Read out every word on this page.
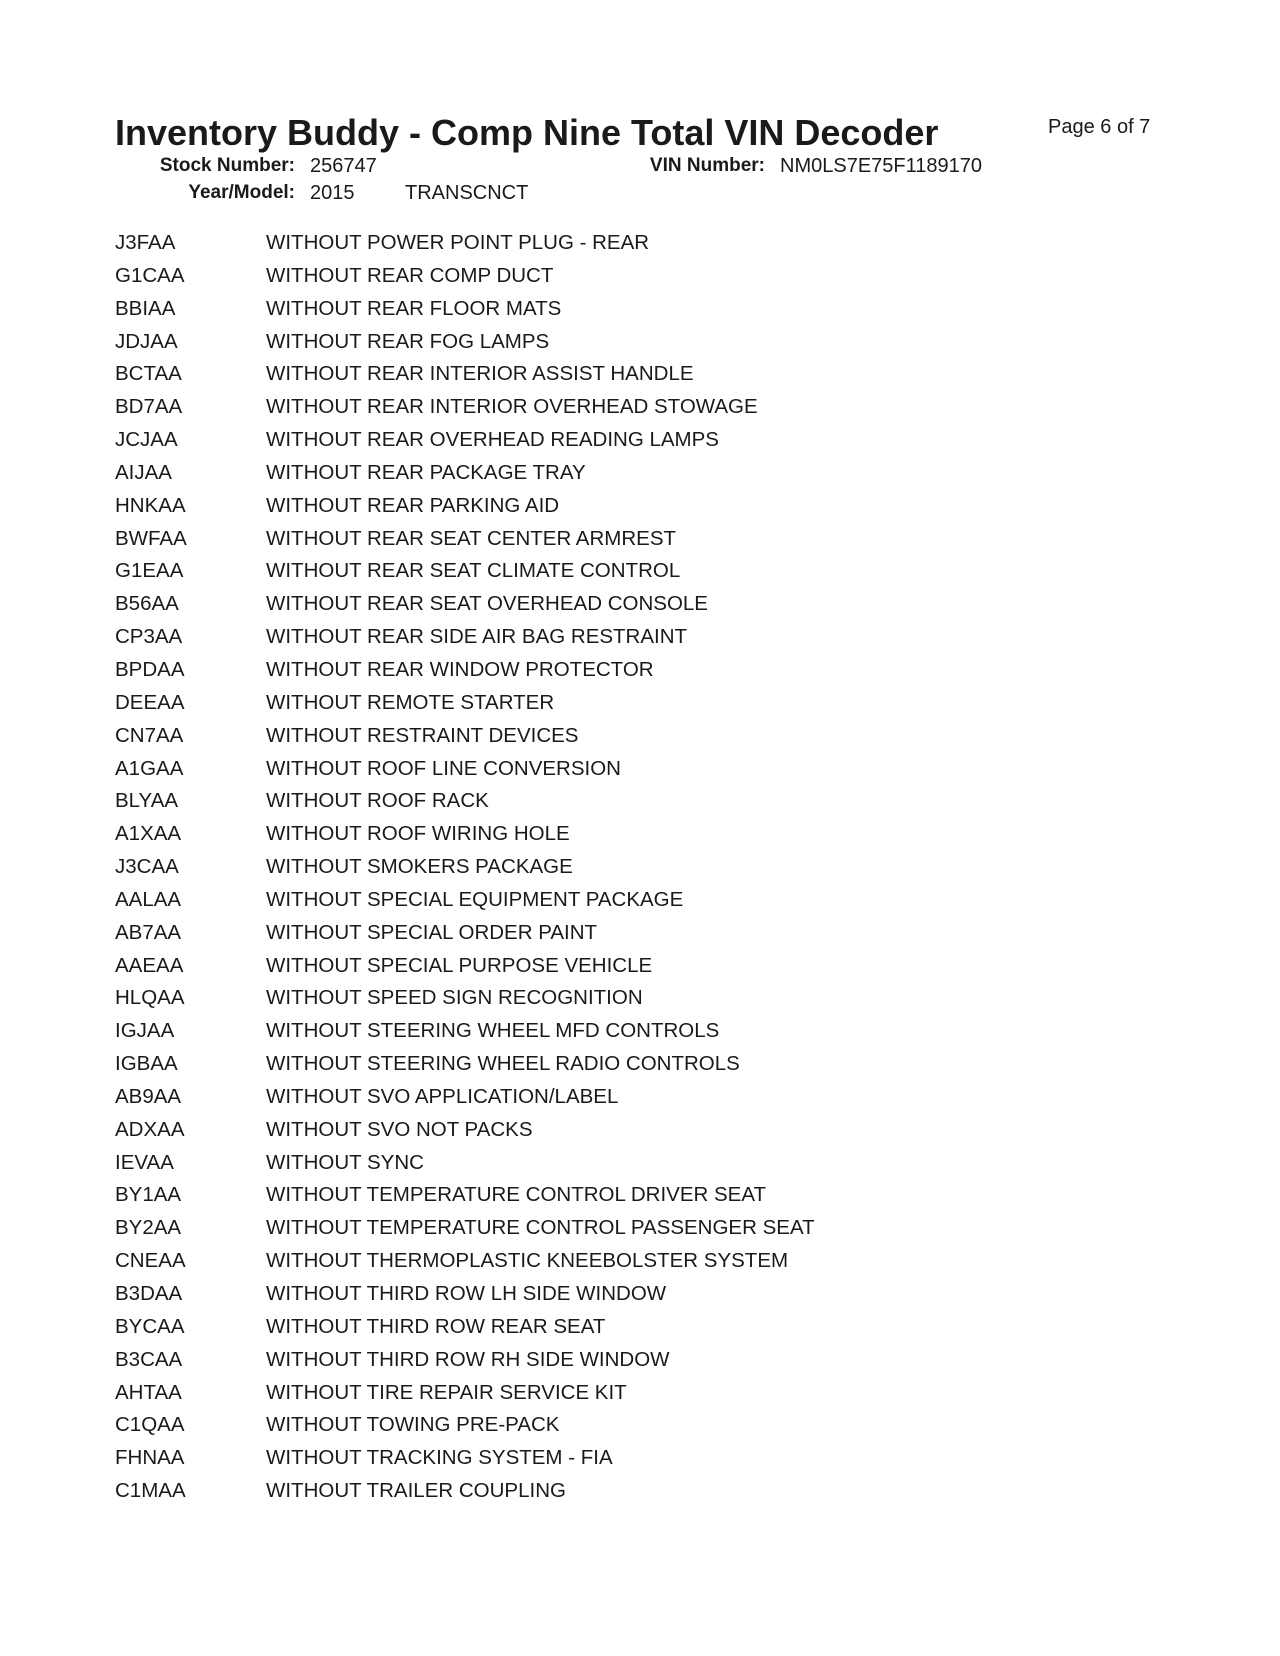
Inventory Buddy - Comp Nine Total VIN Decoder	Page 6 of 7
Stock Number: 256747	VIN Number: NM0LS7E75F1189170
Year/Model: 2015	TRANSCNCT
J3FAA	WITHOUT POWER POINT PLUG - REAR
G1CAA	WITHOUT REAR COMP DUCT
BBIAA	WITHOUT REAR FLOOR MATS
JDJAA	WITHOUT REAR FOG LAMPS
BCTAA	WITHOUT REAR INTERIOR ASSIST HANDLE
BD7AA	WITHOUT REAR INTERIOR OVERHEAD STOWAGE
JCJAA	WITHOUT REAR OVERHEAD READING LAMPS
AIJAA	WITHOUT REAR PACKAGE TRAY
HNKAA	WITHOUT REAR PARKING AID
BWFAA	WITHOUT REAR SEAT CENTER ARMREST
G1EAA	WITHOUT REAR SEAT CLIMATE CONTROL
B56AA	WITHOUT REAR SEAT OVERHEAD CONSOLE
CP3AA	WITHOUT REAR SIDE AIR BAG RESTRAINT
BPDAA	WITHOUT REAR WINDOW PROTECTOR
DEEAA	WITHOUT REMOTE STARTER
CN7AA	WITHOUT RESTRAINT DEVICES
A1GAA	WITHOUT ROOF LINE CONVERSION
BLYAA	WITHOUT ROOF RACK
A1XAA	WITHOUT ROOF WIRING HOLE
J3CAA	WITHOUT SMOKERS PACKAGE
AALAA	WITHOUT SPECIAL EQUIPMENT PACKAGE
AB7AA	WITHOUT SPECIAL ORDER PAINT
AAEAA	WITHOUT SPECIAL PURPOSE VEHICLE
HLQAA	WITHOUT SPEED SIGN RECOGNITION
IGJAA	WITHOUT STEERING WHEEL MFD CONTROLS
IGBAA	WITHOUT STEERING WHEEL RADIO CONTROLS
AB9AA	WITHOUT SVO APPLICATION/LABEL
ADXAA	WITHOUT SVO NOT PACKS
IEVAA	WITHOUT SYNC
BY1AA	WITHOUT TEMPERATURE CONTROL DRIVER SEAT
BY2AA	WITHOUT TEMPERATURE CONTROL PASSENGER SEAT
CNEAA	WITHOUT THERMOPLASTIC KNEEBOLSTER SYSTEM
B3DAA	WITHOUT THIRD ROW LH SIDE WINDOW
BYCAA	WITHOUT THIRD ROW REAR SEAT
B3CAA	WITHOUT THIRD ROW RH SIDE WINDOW
AHTAA	WITHOUT TIRE REPAIR SERVICE KIT
C1QAA	WITHOUT TOWING PRE-PACK
FHNAA	WITHOUT TRACKING SYSTEM - FIA
C1MAA	WITHOUT TRAILER COUPLING
